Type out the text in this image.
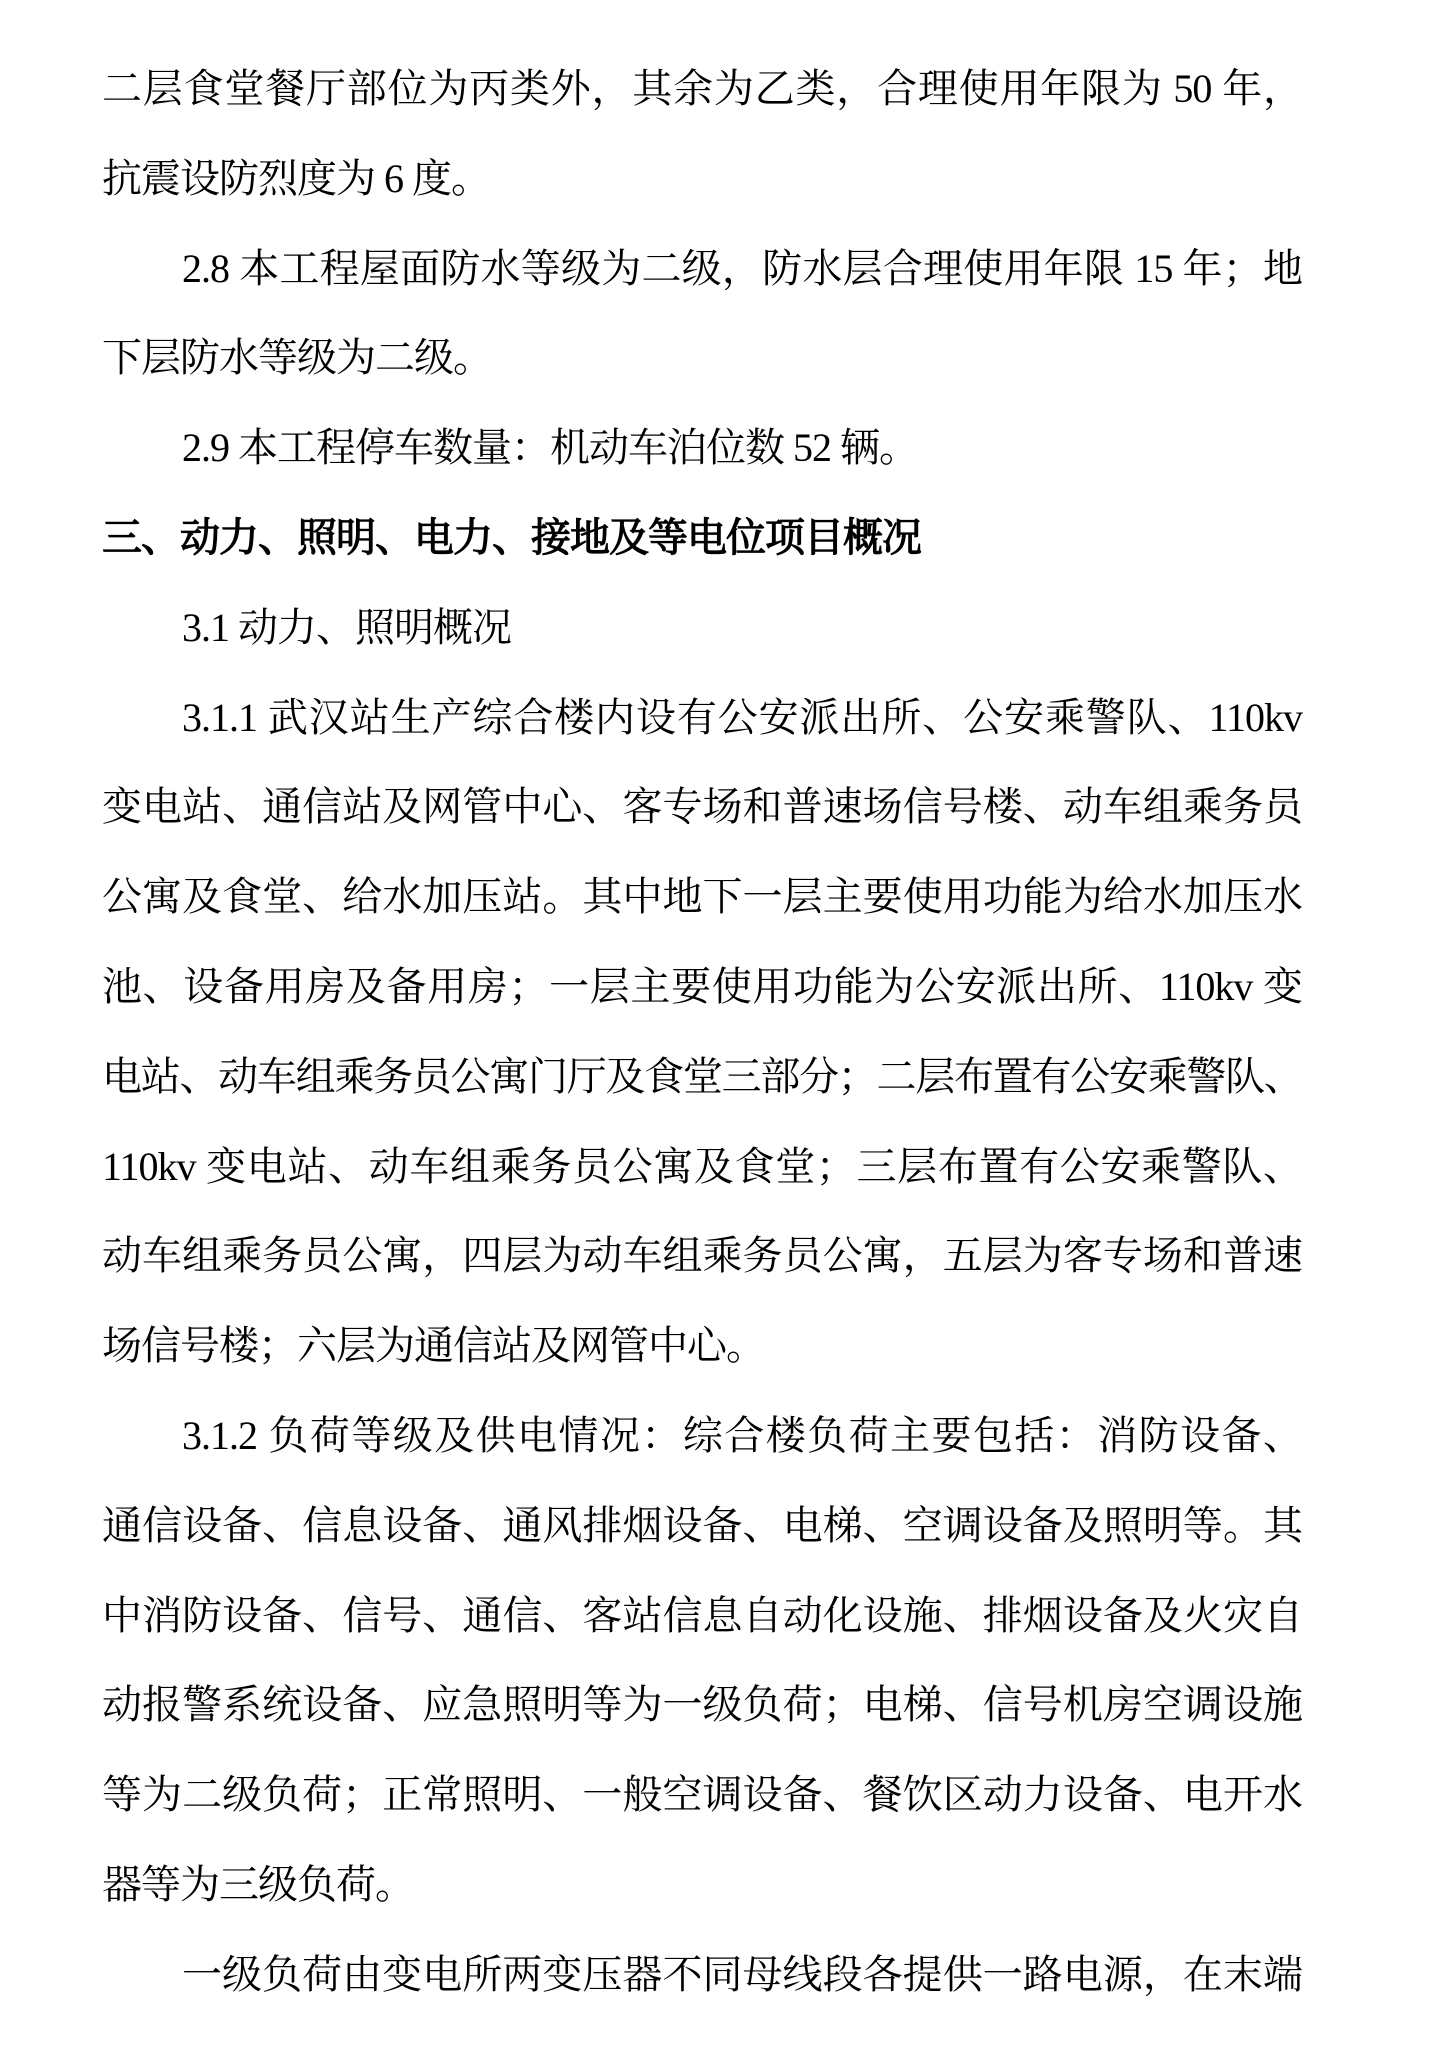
二层食堂餐厅部位为丙类外，其余为乙类，合理使用年限为 50 年，
抗震设防烈度为 6 度。
2.8 本工程屋面防水等级为二级，防水层合理使用年限 15 年；地
下层防水等级为二级。
2.9 本工程停车数量：机动车泊位数 52 辆。
三、动力、照明、电力、接地及等电位项目概况
3.1 动力、照明概况
3.1.1 武汉站生产综合楼内设有公安派出所、公安乘警队、110kv
变电站、通信站及网管中心、客专场和普速场信号楼、动车组乘务员
公寓及食堂、给水加压站。其中地下一层主要使用功能为给水加压水
池、设备用房及备用房；一层主要使用功能为公安派出所、110kv 变
电站、动车组乘务员公寓门厅及食堂三部分；二层布置有公安乘警队、
110kv 变电站、动车组乘务员公寓及食堂；三层布置有公安乘警队、
动车组乘务员公寓，四层为动车组乘务员公寓，五层为客专场和普速
场信号楼；六层为通信站及网管中心。
3.1.2 负荷等级及供电情况：综合楼负荷主要包括：消防设备、
通信设备、信息设备、通风排烟设备、电梯、空调设备及照明等。其
中消防设备、信号、通信、客站信息自动化设施、排烟设备及火灾自
动报警系统设备、应急照明等为一级负荷；电梯、信号机房空调设施
等为二级负荷；正常照明、一般空调设备、餐饮区动力设备、电开水
器等为三级负荷。
一级负荷由变电所两变压器不同母线段各提供一路电源，在末端
